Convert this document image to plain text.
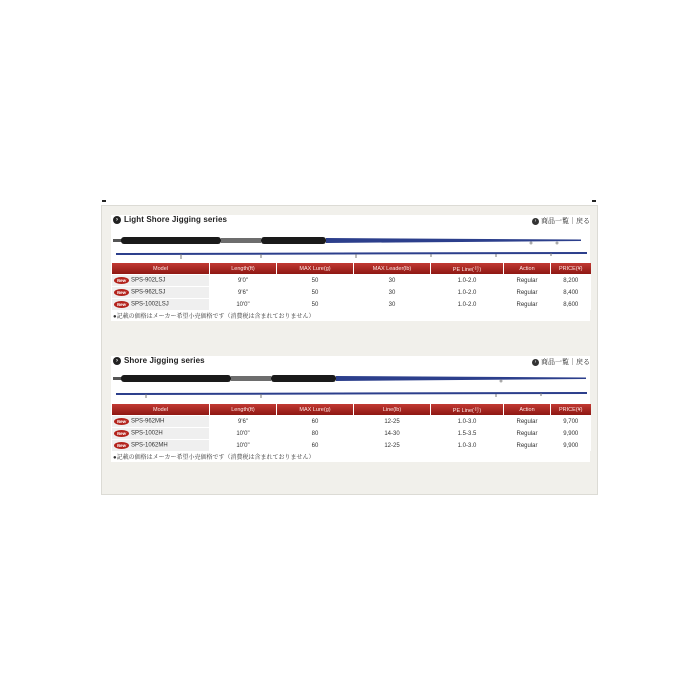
› Light Shore Jigging series	› 商品一覧｜戻る
Model	Length(ft)	MAX Lure(g)	MAX Leader(lb)	PE Line(号)	Action	PRICE(¥)
New SPS-902LSJ	9'0"	50	30	1.0-2.0	Regular	8,200
New SPS-962LSJ	9'6"	50	30	1.0-2.0	Regular	8,400
New SPS-1002LSJ	10'0"	50	30	1.0-2.0	Regular	8,600
●記載の価格はメーカー希望小売価格です（消費税は含まれておりません）
› Shore Jigging series	› 商品一覧｜戻る
Model	Length(ft)	MAX Lure(g)	Line(lb)	PE Line(号)	Action	PRICE(¥)
New SPS-962MH	9'6"	60	12-25	1.0-3.0	Regular	9,700
New SPS-1002H	10'0"	80	14-30	1.5-3.5	Regular	9,900
New SPS-1062MH	10'0"	60	12-25	1.0-3.0	Regular	9,900
●記載の価格はメーカー希望小売価格です（消費税は含まれておりません）
